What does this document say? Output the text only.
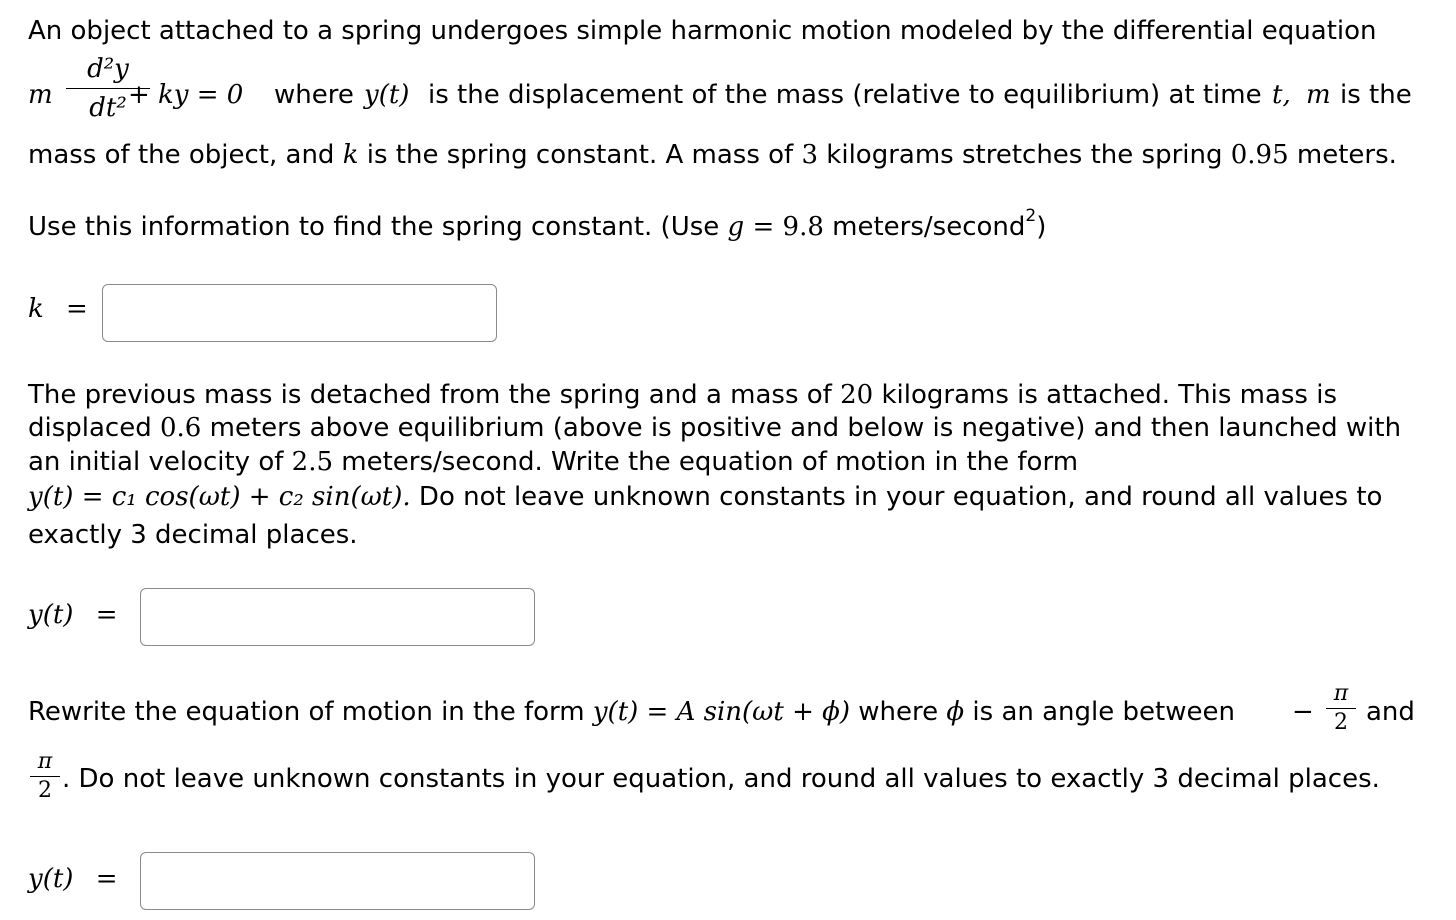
An object attached to a spring undergoes simple harmonic motion modeled by the differential equation
m
d²y
dt² + ky = 0 where y(t) is the displacement of the mass (relative to equilibrium) at time t, m is the
mass of the object, and k is the spring constant. A mass of 3 kilograms stretches the spring 0.95 meters.
Use this information to find the spring constant. (Use g = 9.8 meters/second$^2$)
k =
The previous mass is detached from the spring and a mass of 20 kilograms is attached. This mass is
displaced 0.6 meters above equilibrium (above is positive and below is negative) and then launched with
an initial velocity of 2.5 meters/second. Write the equation of motion in the form
y(t) = c₁ cos(ωt) + c₂ sin(ωt). Do not leave unknown constants in your equation, and round all values to
exactly 3 decimal places.
y(t) =
Rewrite the equation of motion in the form y(t) = A sin(ωt + ϕ) where ϕ is an angle between −
π
2 and
π
2 . Do not leave unknown constants in your equation, and round all values to exactly 3 decimal places.
y(t) =
